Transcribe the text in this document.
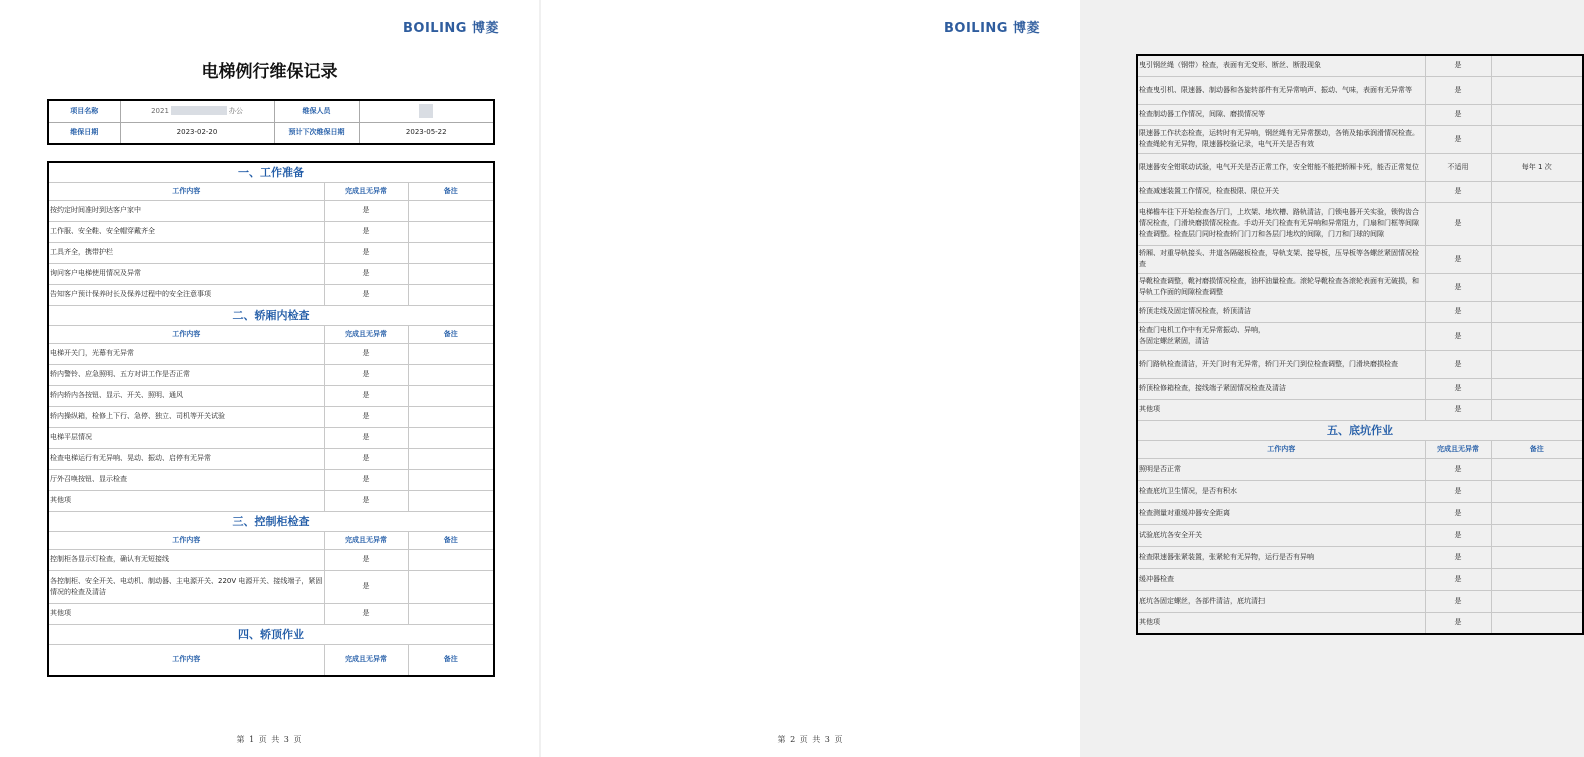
BOILING 博菱
电梯例行维保记录
项目名称	2021 办公	维保人员	
维保日期	2023-02-20	预计下次维保日期	2023-05-22
一、工作准备		
工作内容	完成且无异常	备注
按约定时间准时到达客户家中	是	
工作服、安全鞋、安全帽穿戴齐全	是	
工具齐全，携带护栏	是	
询问客户电梯使用情况及异常	是	
告知客户预计保养时长及保养过程中的安全注意事项	是	
二、轿厢内检查		
工作内容	完成且无异常	备注
电梯开关门，光幕有无异常	是	
轿内警铃、应急照明、五方对讲工作是否正常	是	
轿内轿内各按钮、显示、开关、照明、通风	是	
轿内操纵箱，检修上下行、急停、独立、司机等开关试验	是	
电梯平层情况	是	
检查电梯运行有无异响、晃动、振动、启停有无异常	是	
厅外召唤按钮、显示检查	是	
其他项	是	
三、控制柜检查		
工作内容	完成且无异常	备注
控制柜各显示灯检查，确认有无短接线	是	
各控制柜、安全开关、电动机、制动器、主电源开关、220V 电源开关、接线端子，紧固情况的检查及清洁	是	
其他项	是	
四、轿顶作业		
工作内容	完成且无异常	备注
第 1 页 共 3 页
BOILING 博菱
曳引钢丝绳（钢带）检查，表面有无变形、断丝、断股现象	是	
检查曳引机、限速器、制动器和各旋转部件有无异常响声、振动、气味，表面有无异常等	是	
检查制动器工作情况，间隙、磨损情况等	是	
限速器工作状态检查，运转时有无异响，钢丝绳有无异常摆动，各销及轴承润滑情况检查。检查绳轮有无异物，限速器校验记录，电气开关是否有效	是	
限速器安全钳联动试验，电气开关是否正常工作，安全钳能不能把轿厢卡死，能否正常复位	不适用	每年 1 次
检查减速装置工作情况，检查极限、限位开关	是	
电梯檐车往下开始检查各厅门，上坎架、地坎槽、路轨清洁，门锁电器开关实验，锁钩齿合情况检查，门滑块磨损情况检查。手动开关门检查有无异响和异常阻力，门扇和门框等间隙检查调整。检查层门同时检查轿门门刀和各层门地坎的间隙，门刀和门球的间隙	是	
轿厢、对重导轨接头、井道各隔磁板检查，导轨支架、接导板，压导板等各螺丝紧固情况检查	是	
导靴检查调整，靴衬磨损情况检查，油杯油量检查。滚轮导靴检查各滚轮表面有无破损，和导轨工作面的间隙检查调整	是	
轿顶走线及固定情况检查，轿顶清洁	是	
检查门电机工作中有无异常振动、异响，
各固定螺丝紧固，清洁	是	
轿门路轨检查清洁，开关门时有无异常，轿门开关门到位检查调整，门滑块磨损检查	是	
轿顶检修箱检查，接线端子紧固情况检查及清洁	是	
其他项	是	
五、底坑作业		
工作内容	完成且无异常	备注
照明是否正常	是	
检查底坑卫生情况，是否有积水	是	
检查测量对重缓冲器安全距离	是	
试验底坑各安全开关	是	
检查限速器张紧装置，张紧轮有无异物，运行是否有异响	是	
缓冲器检查	是	
底坑各固定螺丝，各部件清洁，底坑清扫	是	
其他项	是	
第 2 页 共 3 页
